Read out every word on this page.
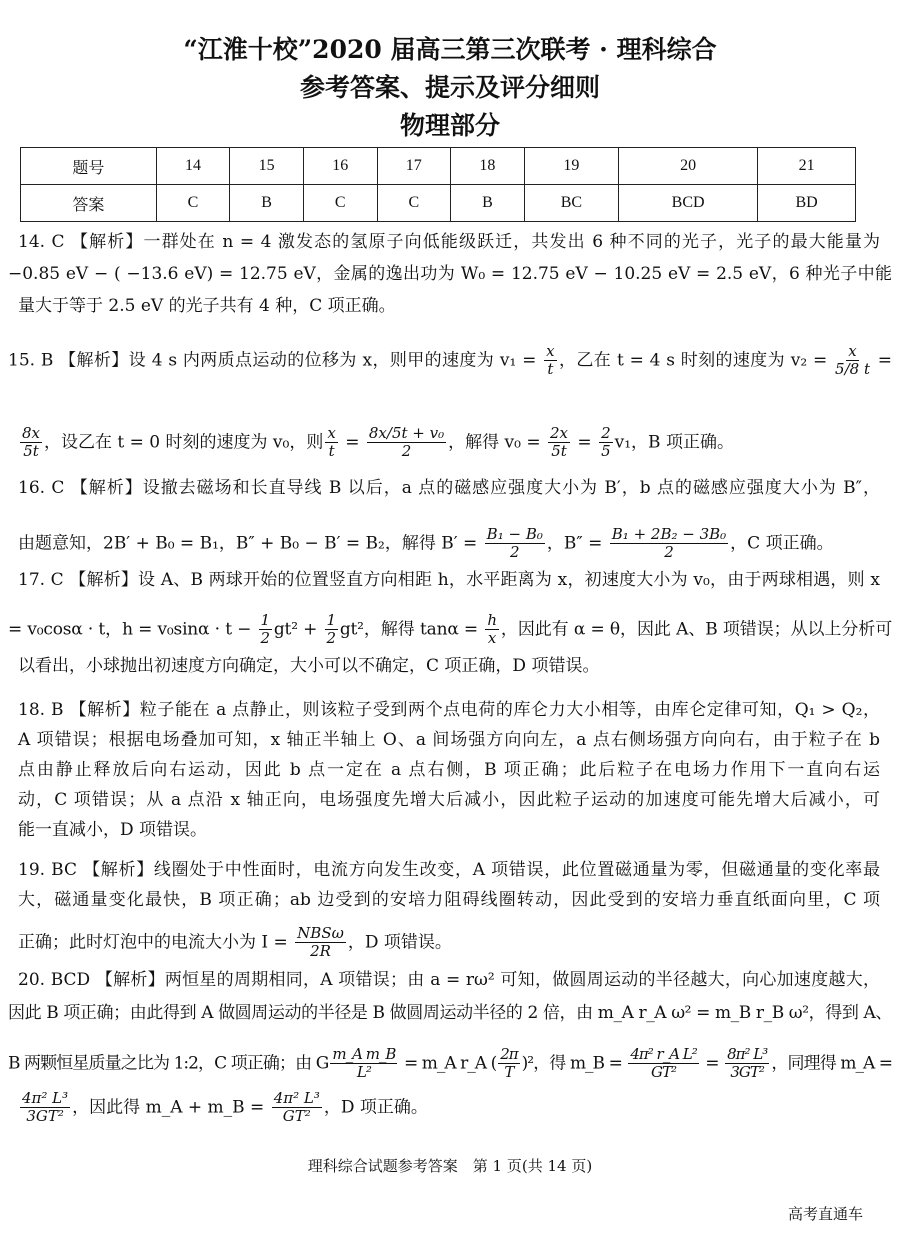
“江淮十校”2020 届高三第三次联考 · 理科综合
参考答案、提示及评分细则
物理部分
题号	14	15	16	17	18	19	20	21
答案	C	B	C	C	B	BC	BCD	BD
14. C 【解析】一群处在 n = 4 激发态的氢原子向低能级跃迁，共发出 6 种不同的光子，光子的最大能量为
−0.85 eV − ( −13.6 eV) = 12.75 eV，金属的逸出功为 W₀ = 12.75 eV − 10.25 eV = 2.5 eV，6 种光子中能
量大于等于 2.5 eV 的光子共有 4 种，C 项正确。
15. B 【解析】设 4 s 内两质点运动的位移为 x，则甲的速度为 $v_1 = \frac{x}{t}$ ，乙在 t = 4 s 时刻的速度为 $v_2 = \frac{x}{5/8 t}$ =
$\frac{8x}{5t}$ ，设乙在 t = 0 时刻的速度为 v₀，则 $\frac{x}{t} = \frac{\text{8x/5t + v₀}}{2}$ ，解得 $v_0 = \frac{2x}{5t} = \frac{2}{5} v_1$，B 项正确。
16. C 【解析】设撤去磁场和长直导线 B 以后，a 点的磁感应强度大小为 B′，b 点的磁感应强度大小为 B″，
由题意知，2B′ + B₀ = B₁，B″ + B₀ − B′ = B₂，解得 $B' = \frac{\text{B₁ − B₀}}{2}$ ，$B'' = \frac{\text{B₁ + 2B₂ − 3B₀}}{2}$ ，C 项正确。
17. C 【解析】设 A、B 两球开始的位置竖直方向相距 h，水平距离为 x，初速度大小为 v₀，由于两球相遇，则 x
= v₀cosα · t，$h = v_0\sin\alpha \cdot t - \frac{1}{2} gt^2 + \frac{1}{2} gt^2$，解得 $\tan\alpha = \frac{h}{x}$ ，因此有 α = θ，因此 A、B 项错误；从以上分析可
以看出，小球抛出初速度方向确定，大小可以不确定，C 项正确，D 项错误。
18. B 【解析】粒子能在 a 点静止，则该粒子受到两个点电荷的库仑力大小相等，由库仑定律可知，Q₁ > Q₂，
A 项错误；根据电场叠加可知，x 轴正半轴上 O、a 间场强方向向左，a 点右侧场强方向向右，由于粒子在 b
点由静止释放后向右运动，因此 b 点一定在 a 点右侧，B 项正确；此后粒子在电场力作用下一直向右运
动，C 项错误；从 a 点沿 x 轴正向，电场强度先增大后减小，因此粒子运动的加速度可能先增大后减小，可
能一直减小，D 项错误。
19. BC 【解析】线圈处于中性面时，电流方向发生改变，A 项错误，此位置磁通量为零，但磁通量的变化率最
大，磁通量变化最快，B 项正确；ab 边受到的安培力阻碍线圈转动，因此受到的安培力垂直纸面向里，C 项
正确；此时灯泡中的电流大小为 $I = \frac{\text{NBSω}}{2R}$ ，D 项错误。
20. BCD 【解析】两恒星的周期相同，A 项错误；由 a = rω² 可知，做圆周运动的半径越大，向心加速度越大，
因此 B 项正确；由此得到 A 做圆周运动的半径是 B 做圆周运动半径的 2 倍，由 m_A r_A ω² = m_B r_B ω²，得到 A、
B 两颗恒星质量之比为 1:2，C 项正确；由 G $\frac{\text{m\_A m\_B}}{\text{L²}}$ = m_A r_A ( $\frac{2\pi}{T} )^2$，得 m_B = $\frac{\text{4π² r\_A L²}}{\text{GT²}} = \frac{\text{8π² L³}}{\text{3GT²}}$ ，同理得 m_A =
$\frac{\text{4π² L³}}{\text{3GT²}}$ ，因此得 m_A + m_B = $\frac{\text{4π² L³}}{\text{GT²}}$ ，D 项正确。
理科综合试题参考答案　第 1 页(共 14 页)
高考直通车
